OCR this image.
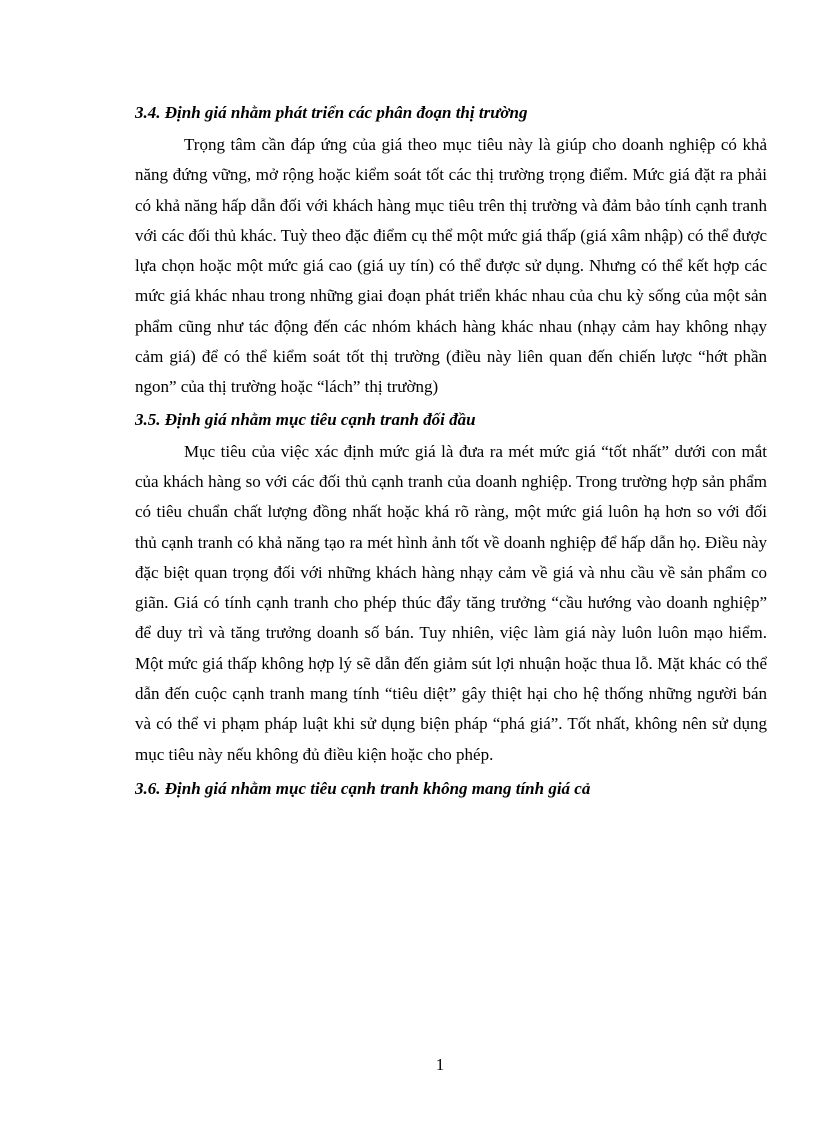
3.4. Định giá nhằm phát triển các phân đoạn thị trường

Trọng tâm cần đáp ứng của giá theo mục tiêu này là giúp cho doanh nghiệp có khả năng đứng vững, mở rộng hoặc kiểm soát tốt các thị trường trọng điểm. Mức giá đặt ra phải có khả năng hấp dẫn đối với khách hàng mục tiêu trên thị trường và đảm bảo tính cạnh tranh với các đối thủ khác. Tuỳ theo đặc điểm cụ thể một mức giá thấp (giá xâm nhập) có thể được lựa chọn hoặc một mức giá cao (giá uy tín) có thể được sử dụng. Nhưng có thể kết hợp các mức giá khác nhau trong những giai đoạn phát triển khác nhau của chu kỳ sống của một sản phẩm cũng như tác động đến các nhóm khách hàng khác nhau (nhạy cảm hay không nhạy cảm giá) để có thể kiểm soát tốt thị trường (điều này liên quan đến chiến lược “hớt phần ngon” của thị trường hoặc “lách” thị trường)

3.5. Định giá nhằm mục tiêu cạnh tranh đối đầu

Mục tiêu của việc xác định mức giá là đưa ra mét mức giá “tốt nhất” dưới con mắt của khách hàng so với các đối thủ cạnh tranh của doanh nghiệp. Trong trường hợp sản phẩm có tiêu chuẩn chất lượng đồng nhất hoặc khá rõ ràng, một mức giá luôn hạ hơn so với đối thủ cạnh tranh có khả năng tạo ra mét hình ảnh tốt về doanh nghiệp để hấp dẫn họ. Điều này đặc biệt quan trọng đối với những khách hàng nhạy cảm về giá và nhu cầu về sản phẩm co giãn. Giá có tính cạnh tranh cho phép thúc đẩy tăng trưởng “cầu hướng vào doanh nghiệp” để duy trì và tăng trưởng doanh số bán. Tuy nhiên, việc làm giá này luôn luôn mạo hiểm. Một mức giá thấp không hợp lý sẽ dẫn đến giảm sút lợi nhuận hoặc thua lỗ. Mặt khác có thể dẫn đến cuộc cạnh tranh mang tính “tiêu diệt” gây thiệt hại cho hệ thống những người bán và có thể vi phạm pháp luật khi sử dụng biện pháp “phá giá”. Tốt nhất, không nên sử dụng mục tiêu này nếu không đủ điều kiện hoặc cho phép.

3.6. Định giá nhằm mục tiêu cạnh tranh không mang tính giá cả
1
